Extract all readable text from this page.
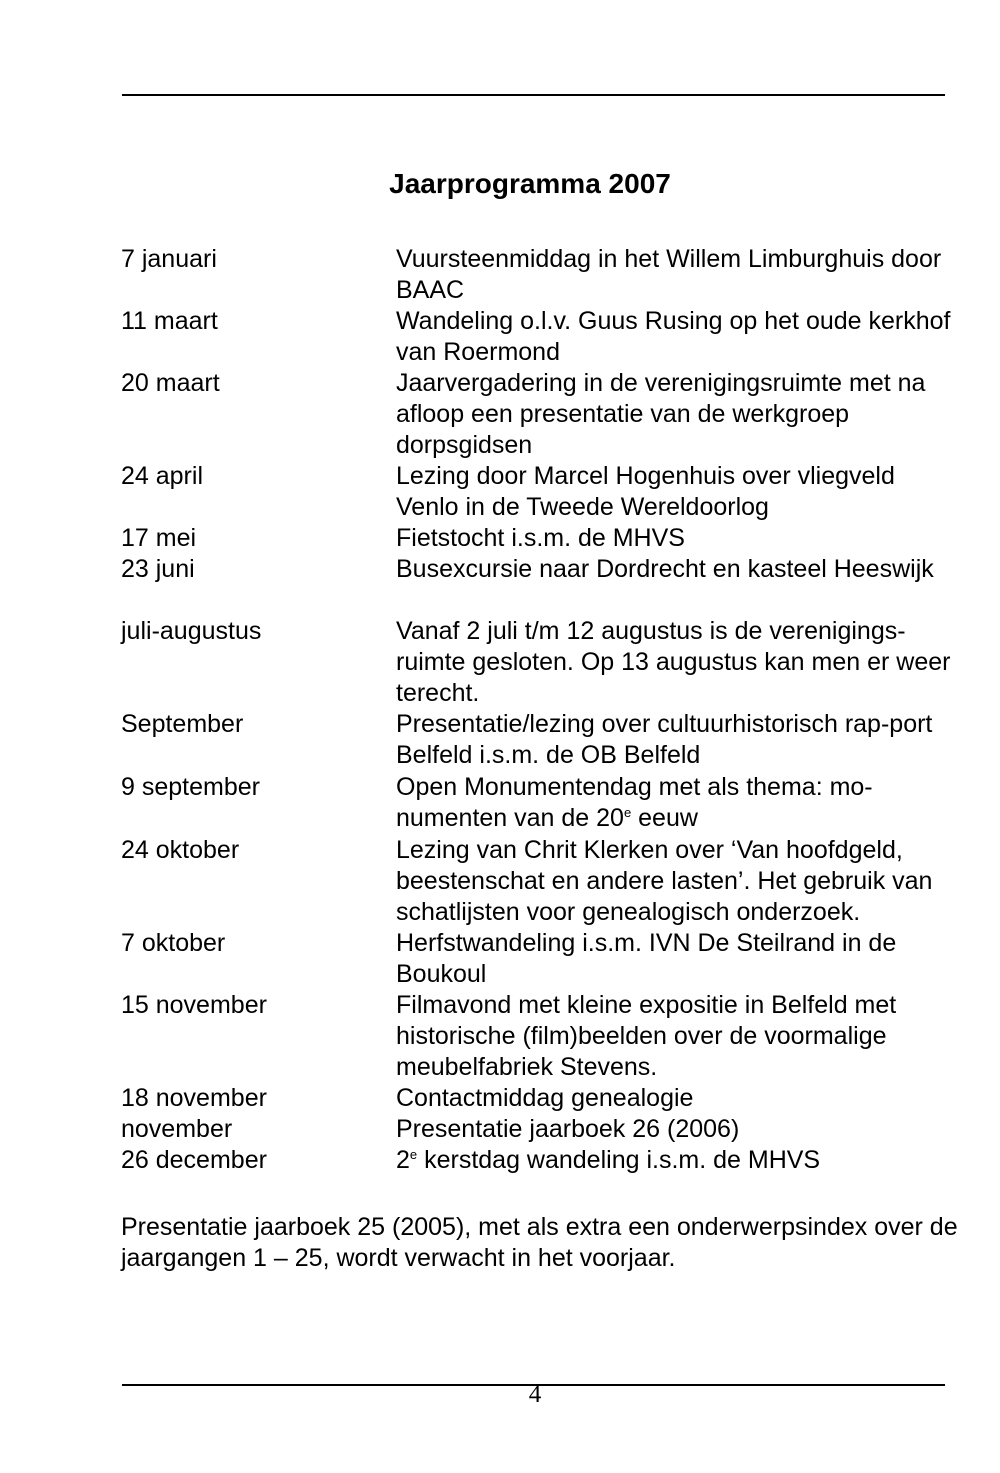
Jaarprogramma 2007
7 januari	Vuursteenmiddag in het Willem Limburghuis door BAAC
11 maart	Wandeling o.l.v. Guus Rusing op het oude kerkhof van Roermond
20 maart	Jaarvergadering in de verenigingsruimte met na afloop een presentatie van de werkgroep dorpsgidsen
24 april	Lezing door Marcel Hogenhuis over vliegveld Venlo in de Tweede Wereldoorlog
17 mei	Fietstocht i.s.m. de MHVS
23 juni	Busexcursie naar Dordrecht en kasteel Heeswijk
juli-augustus	Vanaf 2 juli t/m 12 augustus is de verenigings-ruimte gesloten. Op 13 augustus kan men er weer terecht.
September	Presentatie/lezing over cultuurhistorisch rap-port Belfeld i.s.m. de OB Belfeld
9 september	Open Monumentendag met als thema: mo-numenten van de 20e eeuw
24 oktober	Lezing van Chrit Klerken over ‘Van hoofdgeld, beestenschat en andere lasten’. Het gebruik van schatlijsten voor genealogisch onderzoek.
7 oktober	Herfstwandeling i.s.m. IVN De Steilrand in de Boukoul
15 november	Filmavond met kleine expositie in Belfeld met historische (film)beelden over de voormalige meubelfabriek Stevens.
18 november	Contactmiddag genealogie
november	Presentatie jaarboek 26 (2006)
26 december	2e kerstdag wandeling i.s.m. de MHVS
Presentatie jaarboek 25 (2005), met als extra een onderwerpsindex over de jaargangen 1 – 25, wordt verwacht in het voorjaar.
4
